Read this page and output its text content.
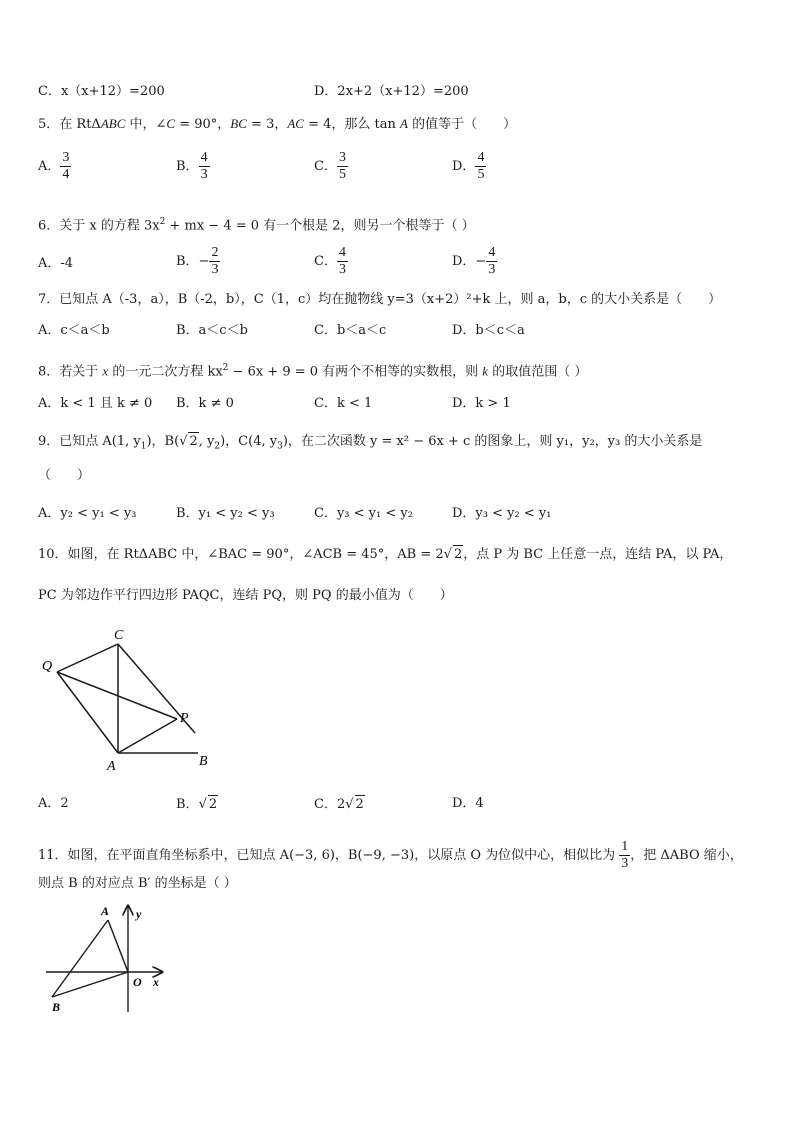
C．x（x+12）=200	D．2x+2（x+12）=200
5．在 RtΔABC 中，∠C = 90°，BC = 3，AC = 4，那么 tan A 的值等于（　　）
A． $\frac{3}{4}$	B． $\frac{4}{3}$	C． $\frac{3}{5}$	D． $\frac{4}{5}$
6．关于 x 的方程 $3x^2$ + mx − 4 = 0 有一个根是 2，则另一个根等于（ ）
A．-4	B．− $\frac{2}{3}$	C． $\frac{4}{3}$	D．− $\frac{4}{3}$
7．已知点 A（-3，a），B（-2，b），C（1，c）均在抛物线 y=3（x+2）²+k 上，则 a，b，c 的大小关系是（　　）
A．c＜a＜b	B．a＜c＜b	C．b＜a＜c	D．b＜c＜a
8．若关于 x 的一元二次方程 $kx^2 - 6x + 9 = 0$ 有两个不相等的实数根，则 k 的取值范围（ ）
A．k < 1 且 k ≠ 0 B．k ≠ 0	C．k < 1	D．k > 1
9．已知点 A(1, $y_1$)，B(√ 2, $y_2$)，C(4, $y_3$)，在二次函数 y = x² − 6x + c 的图象上，则 y₁，y₂，y₃ 的大小关系是
（　　）
A．y₂ < y₁ < y₃	B．y₁ < y₂ < y₃	C．y₃ < y₁ < y₂	D．y₃ < y₂ < y₁
10．如图，在 RtΔABC 中，∠BAC = 90°，∠ACB = 45°，AB = 2√ 2，点 P 为 BC 上任意一点，连结 PA，以 PA，
PC 为邻边作平行四边形 PAQC，连结 PQ，则 PQ 的最小值为（　　）
C
Q
P
A	B
A．2	B．√ 2	C．2√ 2	D．4
11．如图，在平面直角坐标系中，已知点 A(−3, 6)，B(−9, −3)，以原点 O 为位似中心，相似比为 $\frac{1}{3}$ ，把 ΔABO 缩小，
则点 B 的对应点 B′ 的坐标是（ ）
A
B
O x
y
